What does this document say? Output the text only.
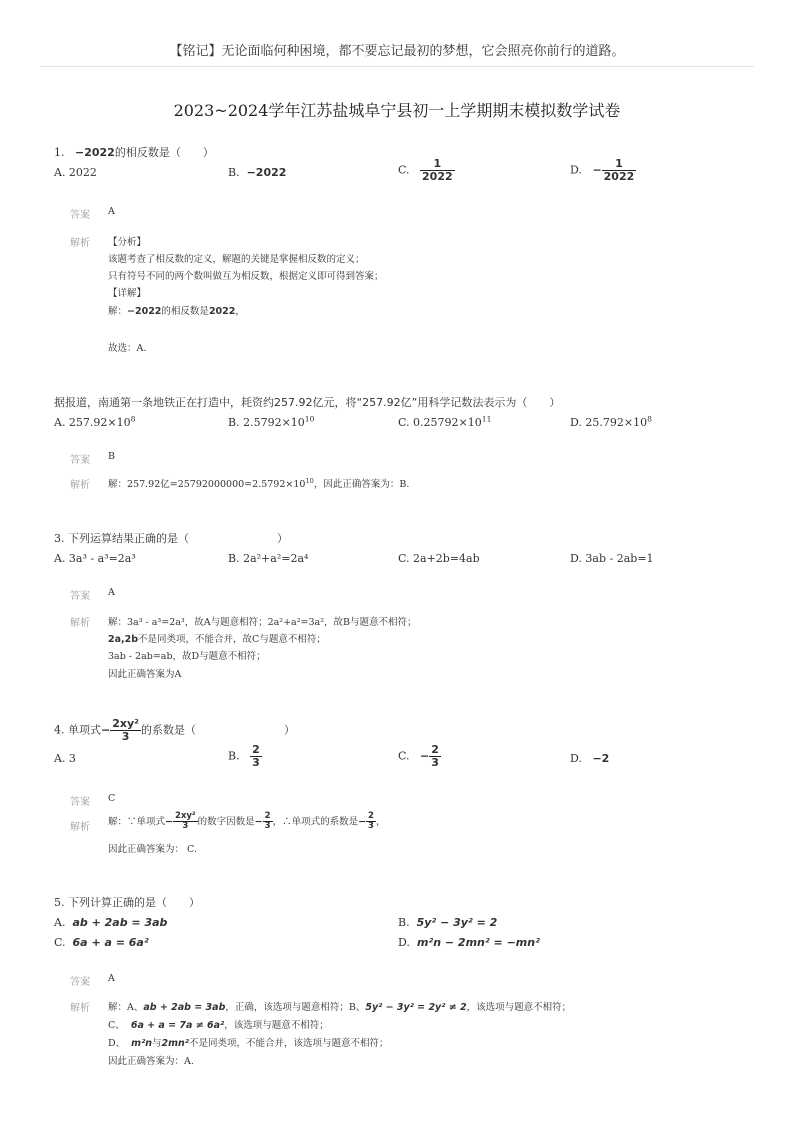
【铭记】无论面临何种困境，都不要忘记最初的梦想，它会照亮你前行的道路。
2023~2024学年江苏盐城阜宁县初一上学期期末模拟数学试卷
1. −2022的相反数是（　　）
A. 2022	B. −2022	C. $\frac{1}{2022}$	D. − $\frac{1}{2022}$
答案 A
解析 【分析】
该题考查了相反数的定义，解题的关键是掌握相反数的定义；
只有符号不同的两个数叫做互为相反数，根据定义即可得到答案；
【详解】
解：−2022的相反数是2022，
故选：A.
据报道，南通第一条地铁正在打造中，耗资约257.92亿元，将“257.92亿”用科学记数法表示为（　　）
A. $257.92\times 10^8$	B. $2.5792\times 10^{10}$	C. $0.25792\times 10^{11}$	D. $25.792\times 10^8$
答案 B
解析 解：257.92亿$=25792000000=2.5792\times 10^{10}$，因此正确答案为：B.
3. 下列运算结果正确的是（　　　　　　　　）
A. 3a³ - a³=2a³	B. 2a²+a²=2a⁴	C. 2a+2b=4ab	D. 3ab - 2ab=1
答案 A
解析 解：3a³ - a³=2a³，故A与题意相符；2a²+a²=3a²，故B与题意不相符；
2a,2b不是同类项，不能合并，故C与题意不相符；
3ab - 2ab=ab，故D与题意不相符；
因此正确答案为A
4. 单项式− $\frac{\text{2xy²}}{3}$ 的系数是（　　　　　　　　）
A. 3	B. $\frac{2}{3}$	C. − $\frac{2}{3}$	D. −2
答案 C
解析
解：∵单项式− $\frac{\text{2xy²}}{3}$ 的数字因数是− $\frac{2}{3}$ ，∴单项式的系数是− $\frac{2}{3}$ ，
因此正确答案为： C.
5. 下列计算正确的是（　　）
A. ab + 2ab = 3ab	B. 5y² − 3y² = 2
C. 6a + a = 6a²	D. m²n − 2mn² = −mn²
答案 A
解析 解：A、ab + 2ab = 3ab，正确，该选项与题意相符；B、5y² − 3y² = 2y² ≠ 2，该选项与题意不相符；
C、 6a + a = 7a ≠ 6a²，该选项与题意不相符；
D、 m²n与2mn²不是同类项，不能合并，该选项与题意不相符；
因此正确答案为：A.
